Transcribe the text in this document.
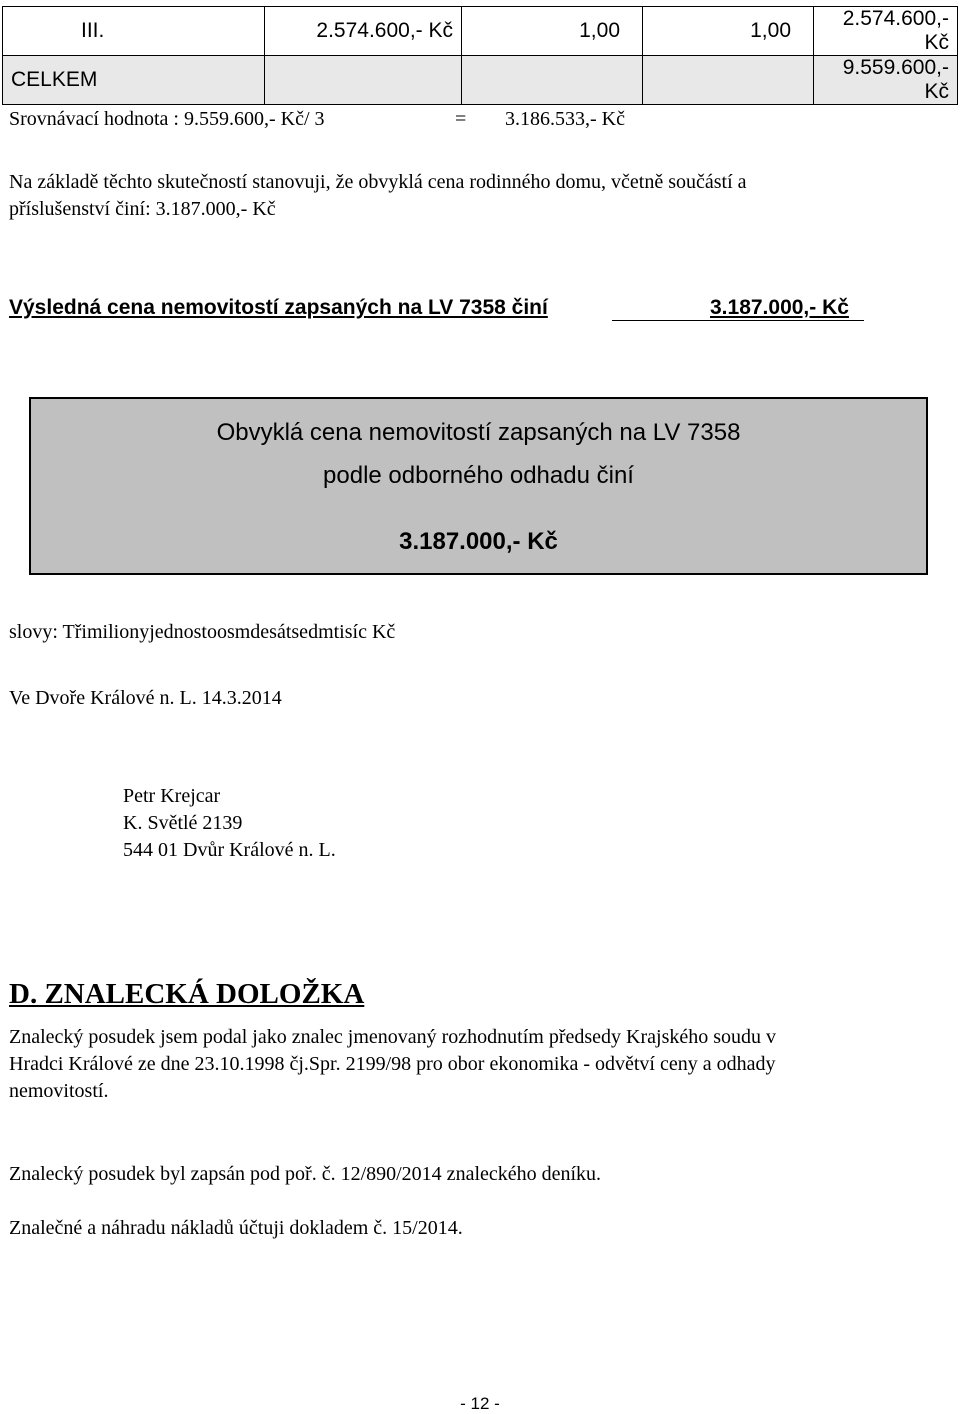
III.	2.574.600,- Kč	1,00	1,00	2.574.600,- Kč
CELKEM				9.559.600,- Kč
Srovnávací hodnota : 9.559.600,- Kč/ 3	= 3.186.533,- Kč
Na základě těchto skutečností stanovuji, že obvyklá cena rodinného domu, včetně součástí a
příslušenství činí: 3.187.000,- Kč
Výsledná cena nemovitostí zapsaných na LV 7358 činí	3.187.000,- Kč
Obvyklá cena nemovitostí zapsaných na LV 7358
podle odborného odhadu činí
3.187.000,- Kč
slovy: Třimilionyjednostoosmdesátsedmtisíc Kč
Ve Dvoře Králové n. L. 14.3.2014
Petr Krejcar
K. Světlé 2139
544 01 Dvůr Králové n. L.
D. ZNALECKÁ DOLOŽKA
Znalecký posudek jsem podal jako znalec jmenovaný rozhodnutím předsedy Krajského soudu v
Hradci Králové ze dne 23.10.1998 čj.Spr. 2199/98 pro obor ekonomika - odvětví ceny a odhady
nemovitostí.
Znalecký posudek byl zapsán pod poř. č. 12/890/2014 znaleckého deníku.
Znalečné a náhradu nákladů účtuji dokladem č. 15/2014.
- 12 -
